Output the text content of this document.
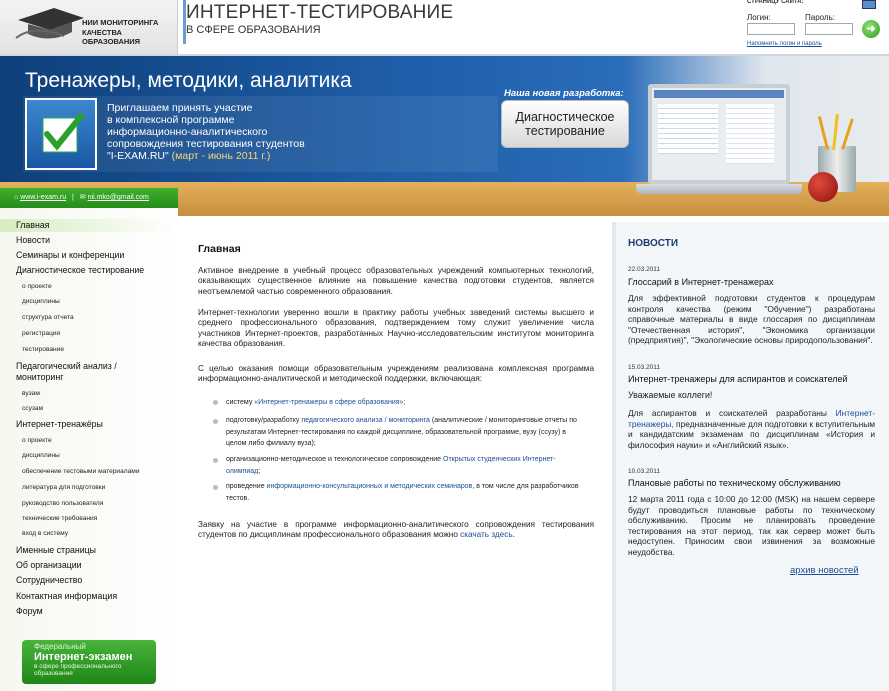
НИИ МОНИТОРИНГА
КАЧЕСТВА ОБРАЗОВАНИЯ
ИНТЕРНЕТ-ТЕСТИРОВАНИЕ
В СФЕРЕ ОБРАЗОВАНИЯ
СТРАНИЦУ САЙТА:
Логин:	Пароль:
➜
Напомнить логин и пароль
Тренажеры, методики, аналитика
Приглашаем принять участие
в комплексной программе
информационно-аналитического
сопровождения тестирования студентов
"I-EXAM.RU" (март - июнь 2011 г.)
Наша новая разработка:
Диагностическое
тестирование
⌂ www.i-exam.ru | ✉ nii.mko@gmail.com
Главная
Новости
Семинары и конференции
Диагностическое тестирование
о проекте
дисциплины
структура отчета
регистрация
тестирование
Педагогический анализ /
мониторинг
вузам
ссузам
Интернет-тренажёры
о проекте
дисциплины
обеспечение тестовыми материалами
литература для подготовки
руководство пользователя
технические требования
вход в систему
Именные страницы
Об организации
Сотрудничество
Контактная информация
Форум
Федеральный
Интернет-экзамен
в сфере профессионального
образования
Главная
Активное внедрение в учебный процесс образовательных учреждений компьютерных технологий, оказывающих существенное влияние на повышение качества подготовки студентов, является неотъемлемой частью современного образования.
Интернет-технологии уверенно вошли в практику работы учебных заведений системы высшего и среднего профессионального образования, подтверждением тому служит увеличение числа участников Интернет-проектов, разработанных Научно-исследовательским институтом мониторинга качества образования.
С целью оказания помощи образовательным учреждениям реализована комплексная программа информационно-аналитической и методической поддержки, включающая:
систему «Интернет-тренажеры в сфере образования»;
подготовку/разработку педагогического анализа / мониторинга (аналитические / мониторинговые отчеты по результатам Интернет-тестирования по каждой дисциплине, образовательной программе, вузу (ссузу) в целом либо филиалу вуза);
организационно-методическое и технологическое сопровождение Открытых студенческих Интернет-олимпиад;
проведение информационно-консультационных и методических семинаров, в том числе для разработчиков тестов.
Заявку на участие в программе информационно-аналитического сопровождения тестирования студентов по дисциплинам профессионального образования можно скачать здесь.
НОВОСТИ
22.03.2011
Глоссарий в Интернет-тренажерах
Для эффективной подготовки студентов к процедурам контроля качества (режим "Обучение") разработаны справочные материалы в виде глоссария по дисциплинам "Отечественная история", "Экономика организации (предприятия)", "Экологические основы природопользования".
15.03.2011
Интернет-тренажеры для аспирантов и соискателей
Уважаемые коллеги!
Для аспирантов и соискателей разработаны Интернет-тренажеры, предназначенные для подготовки к вступительным и кандидатским экзаменам по дисциплинам «История и философия науки» и «Английский язык».
10.03.2011
Плановые работы по техническому обслуживанию
12 марта 2011 года с 10:00 до 12:00 (MSK) на нашем сервере будут проводиться плановые работы по техническому обслуживанию. Просим не планировать проведение тестирования на этот период, так как сервер может быть недоступен. Приносим свои извинения за возможные неудобства.
архив новостей
